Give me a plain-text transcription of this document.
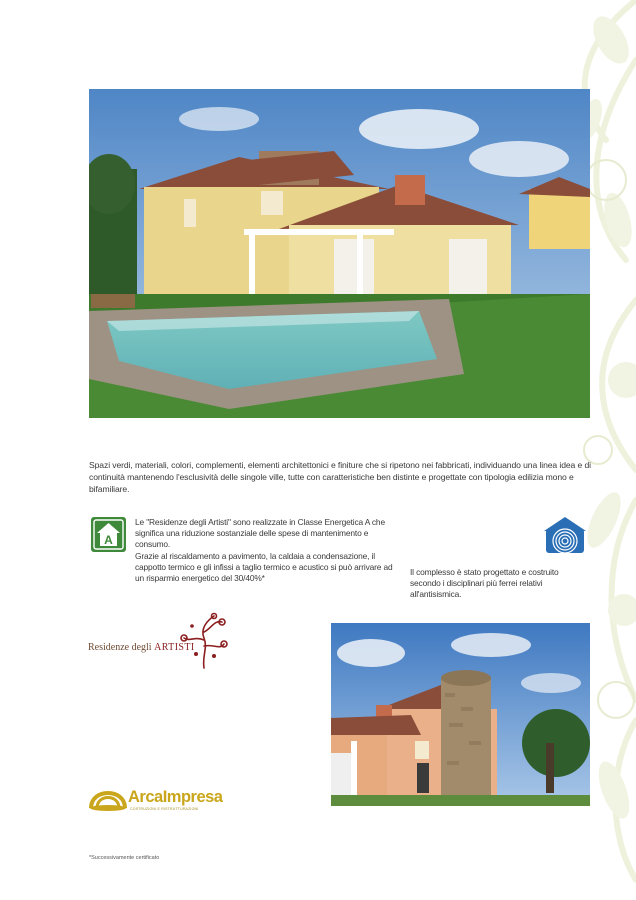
Spazi verdi, materiali, colori, complementi, elementi architettonici e finiture che si ripetono nei fabbricati, individuando una linea idea e di continuità mantenendo l'esclusività delle singole ville, tutte con caratteristiche ben distinte e progettate con tipologia edilizia mono e bifamiliare.

A

Le "Residenze degli Artisti" sono realizzate in Classe Energetica A che significa una riduzione sostanziale delle spese di mantenimento e consumo.

Grazie al riscaldamento a pavimento, la caldaia a condensazione, il cappotto termico e gli infissi a taglio termico e acustico si può arrivare ad un risparmio energetico del 30/40%*

Il complesso è stato progettato e costruito secondo i disciplinari più ferrei relativi all'antisismica.

Residenze degli ARTISTI
ArcaImpresa
COSTRUZIONI E RISTRUTTURAZIONI
*Successivamente certificato
